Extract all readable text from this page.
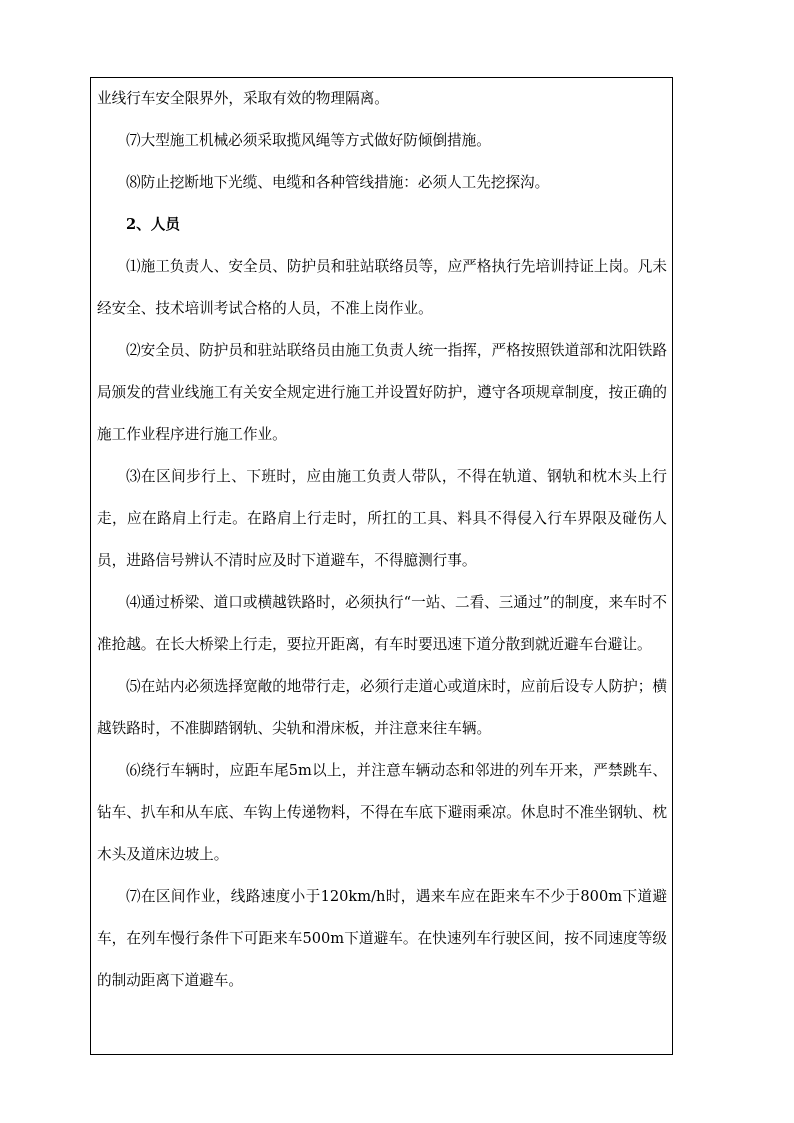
业线行车安全限界外，采取有效的物理隔离。

⑺大型施工机械必须采取揽风绳等方式做好防倾倒措施。

⑻防止挖断地下光缆、电缆和各种管线措施：必须人工先挖探沟。

2、人员

⑴施工负责人、安全员、防护员和驻站联络员等，应严格执行先培训持证上岗。凡未经安全、技术培训考试合格的人员，不准上岗作业。

⑵安全员、防护员和驻站联络员由施工负责人统一指挥，严格按照铁道部和沈阳铁路局颁发的营业线施工有关安全规定进行施工并设置好防护，遵守各项规章制度，按正确的施工作业程序进行施工作业。

⑶在区间步行上、下班时，应由施工负责人带队，不得在轨道、钢轨和枕木头上行走，应在路肩上行走。在路肩上行走时，所扛的工具、料具不得侵入行车界限及碰伤人员，进路信号辨认不清时应及时下道避车，不得臆测行事。

⑷通过桥梁、道口或横越铁路时，必须执行“一站、二看、三通过”的制度，来车时不准抢越。在长大桥梁上行走，要拉开距离，有车时要迅速下道分散到就近避车台避让。

⑸在站内必须选择宽敞的地带行走，必须行走道心或道床时，应前后设专人防护；横越铁路时，不准脚踏钢轨、尖轨和滑床板，并注意来往车辆。

⑹绕行车辆时，应距车尾5m以上，并注意车辆动态和邻进的列车开来，严禁跳车、钻车、扒车和从车底、车钩上传递物料，不得在车底下避雨乘凉。休息时不准坐钢轨、枕木头及道床边坡上。

⑺在区间作业，线路速度小于120km/h时，遇来车应在距来车不少于800m下道避车，在列车慢行条件下可距来车500m下道避车。在快速列车行驶区间，按不同速度等级的制动距离下道避车。
